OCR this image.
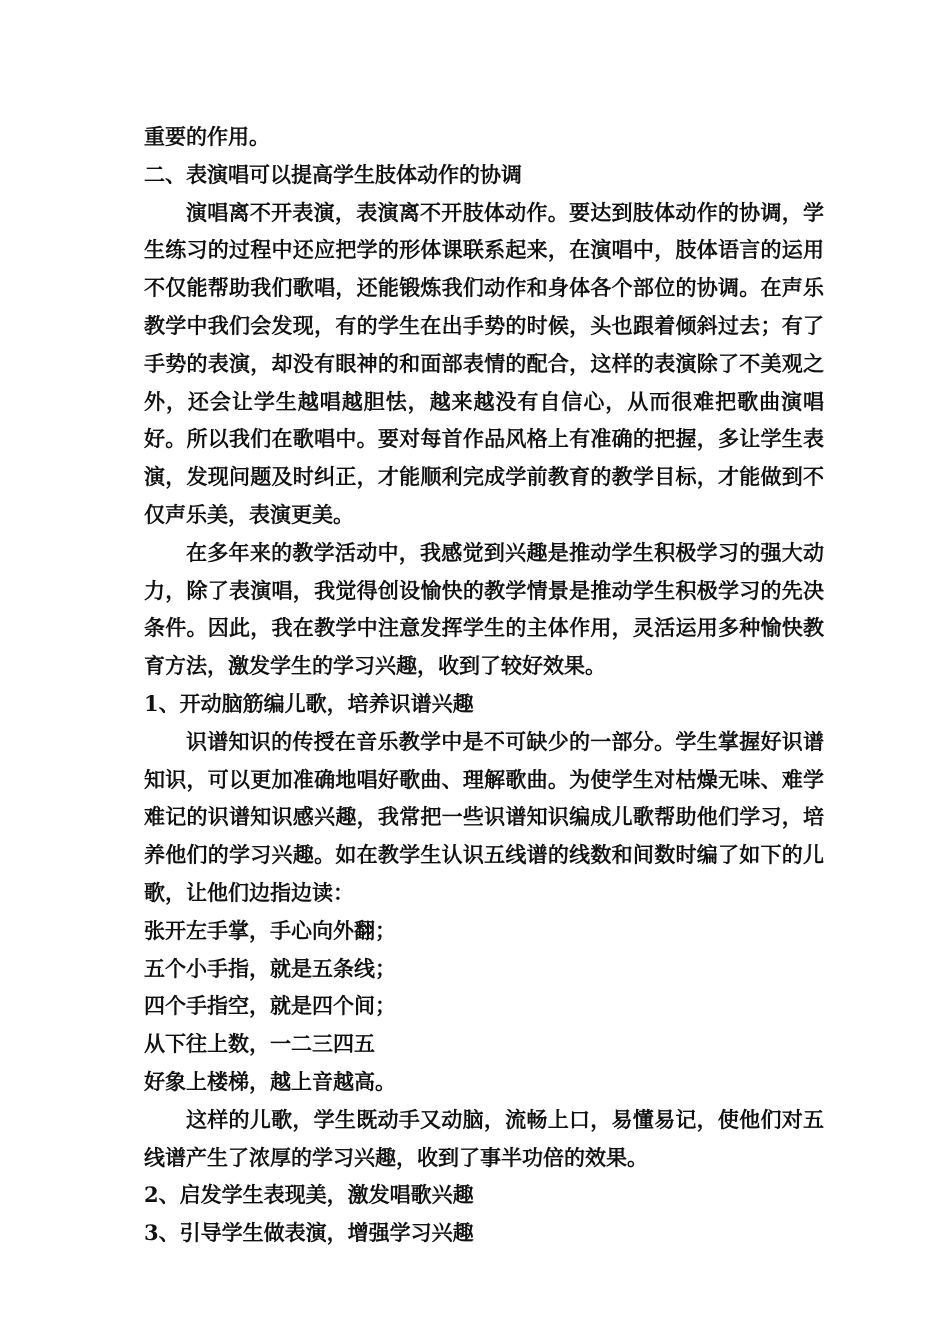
重要的作用。

二、表演唱可以提高学生肢体动作的协调

演唱离不开表演，表演离不开肢体动作。要达到肢体动作的协调，学生练习的过程中还应把学的形体课联系起来，在演唱中，肢体语言的运用不仅能帮助我们歌唱，还能锻炼我们动作和身体各个部位的协调。在声乐教学中我们会发现，有的学生在出手势的时候，头也跟着倾斜过去；有了手势的表演，却没有眼神的和面部表情的配合，这样的表演除了不美观之外，还会让学生越唱越胆怯，越来越没有自信心，从而很难把歌曲演唱好。所以我们在歌唱中。要对每首作品风格上有准确的把握，多让学生表演，发现问题及时纠正，才能顺利完成学前教育的教学目标，才能做到不仅声乐美，表演更美。

在多年来的教学活动中，我感觉到兴趣是推动学生积极学习的强大动力，除了表演唱，我觉得创设愉快的教学情景是推动学生积极学习的先决条件。因此，我在教学中注意发挥学生的主体作用，灵活运用多种愉快教育方法，激发学生的学习兴趣，收到了较好效果。

1、开动脑筋编儿歌，培养识谱兴趣

识谱知识的传授在音乐教学中是不可缺少的一部分。学生掌握好识谱知识，可以更加准确地唱好歌曲、理解歌曲。为使学生对枯燥无味、难学难记的识谱知识感兴趣，我常把一些识谱知识编成儿歌帮助他们学习，培养他们的学习兴趣。如在教学生认识五线谱的线数和间数时编了如下的儿歌，让他们边指边读：

张开左手掌，手心向外翻；

五个小手指，就是五条线；

四个手指空，就是四个间；

从下往上数，一二三四五

好象上楼梯，越上音越高。

这样的儿歌，学生既动手又动脑，流畅上口，易懂易记，使他们对五线谱产生了浓厚的学习兴趣，收到了事半功倍的效果。

2、启发学生表现美，激发唱歌兴趣

3、引导学生做表演，增强学习兴趣
